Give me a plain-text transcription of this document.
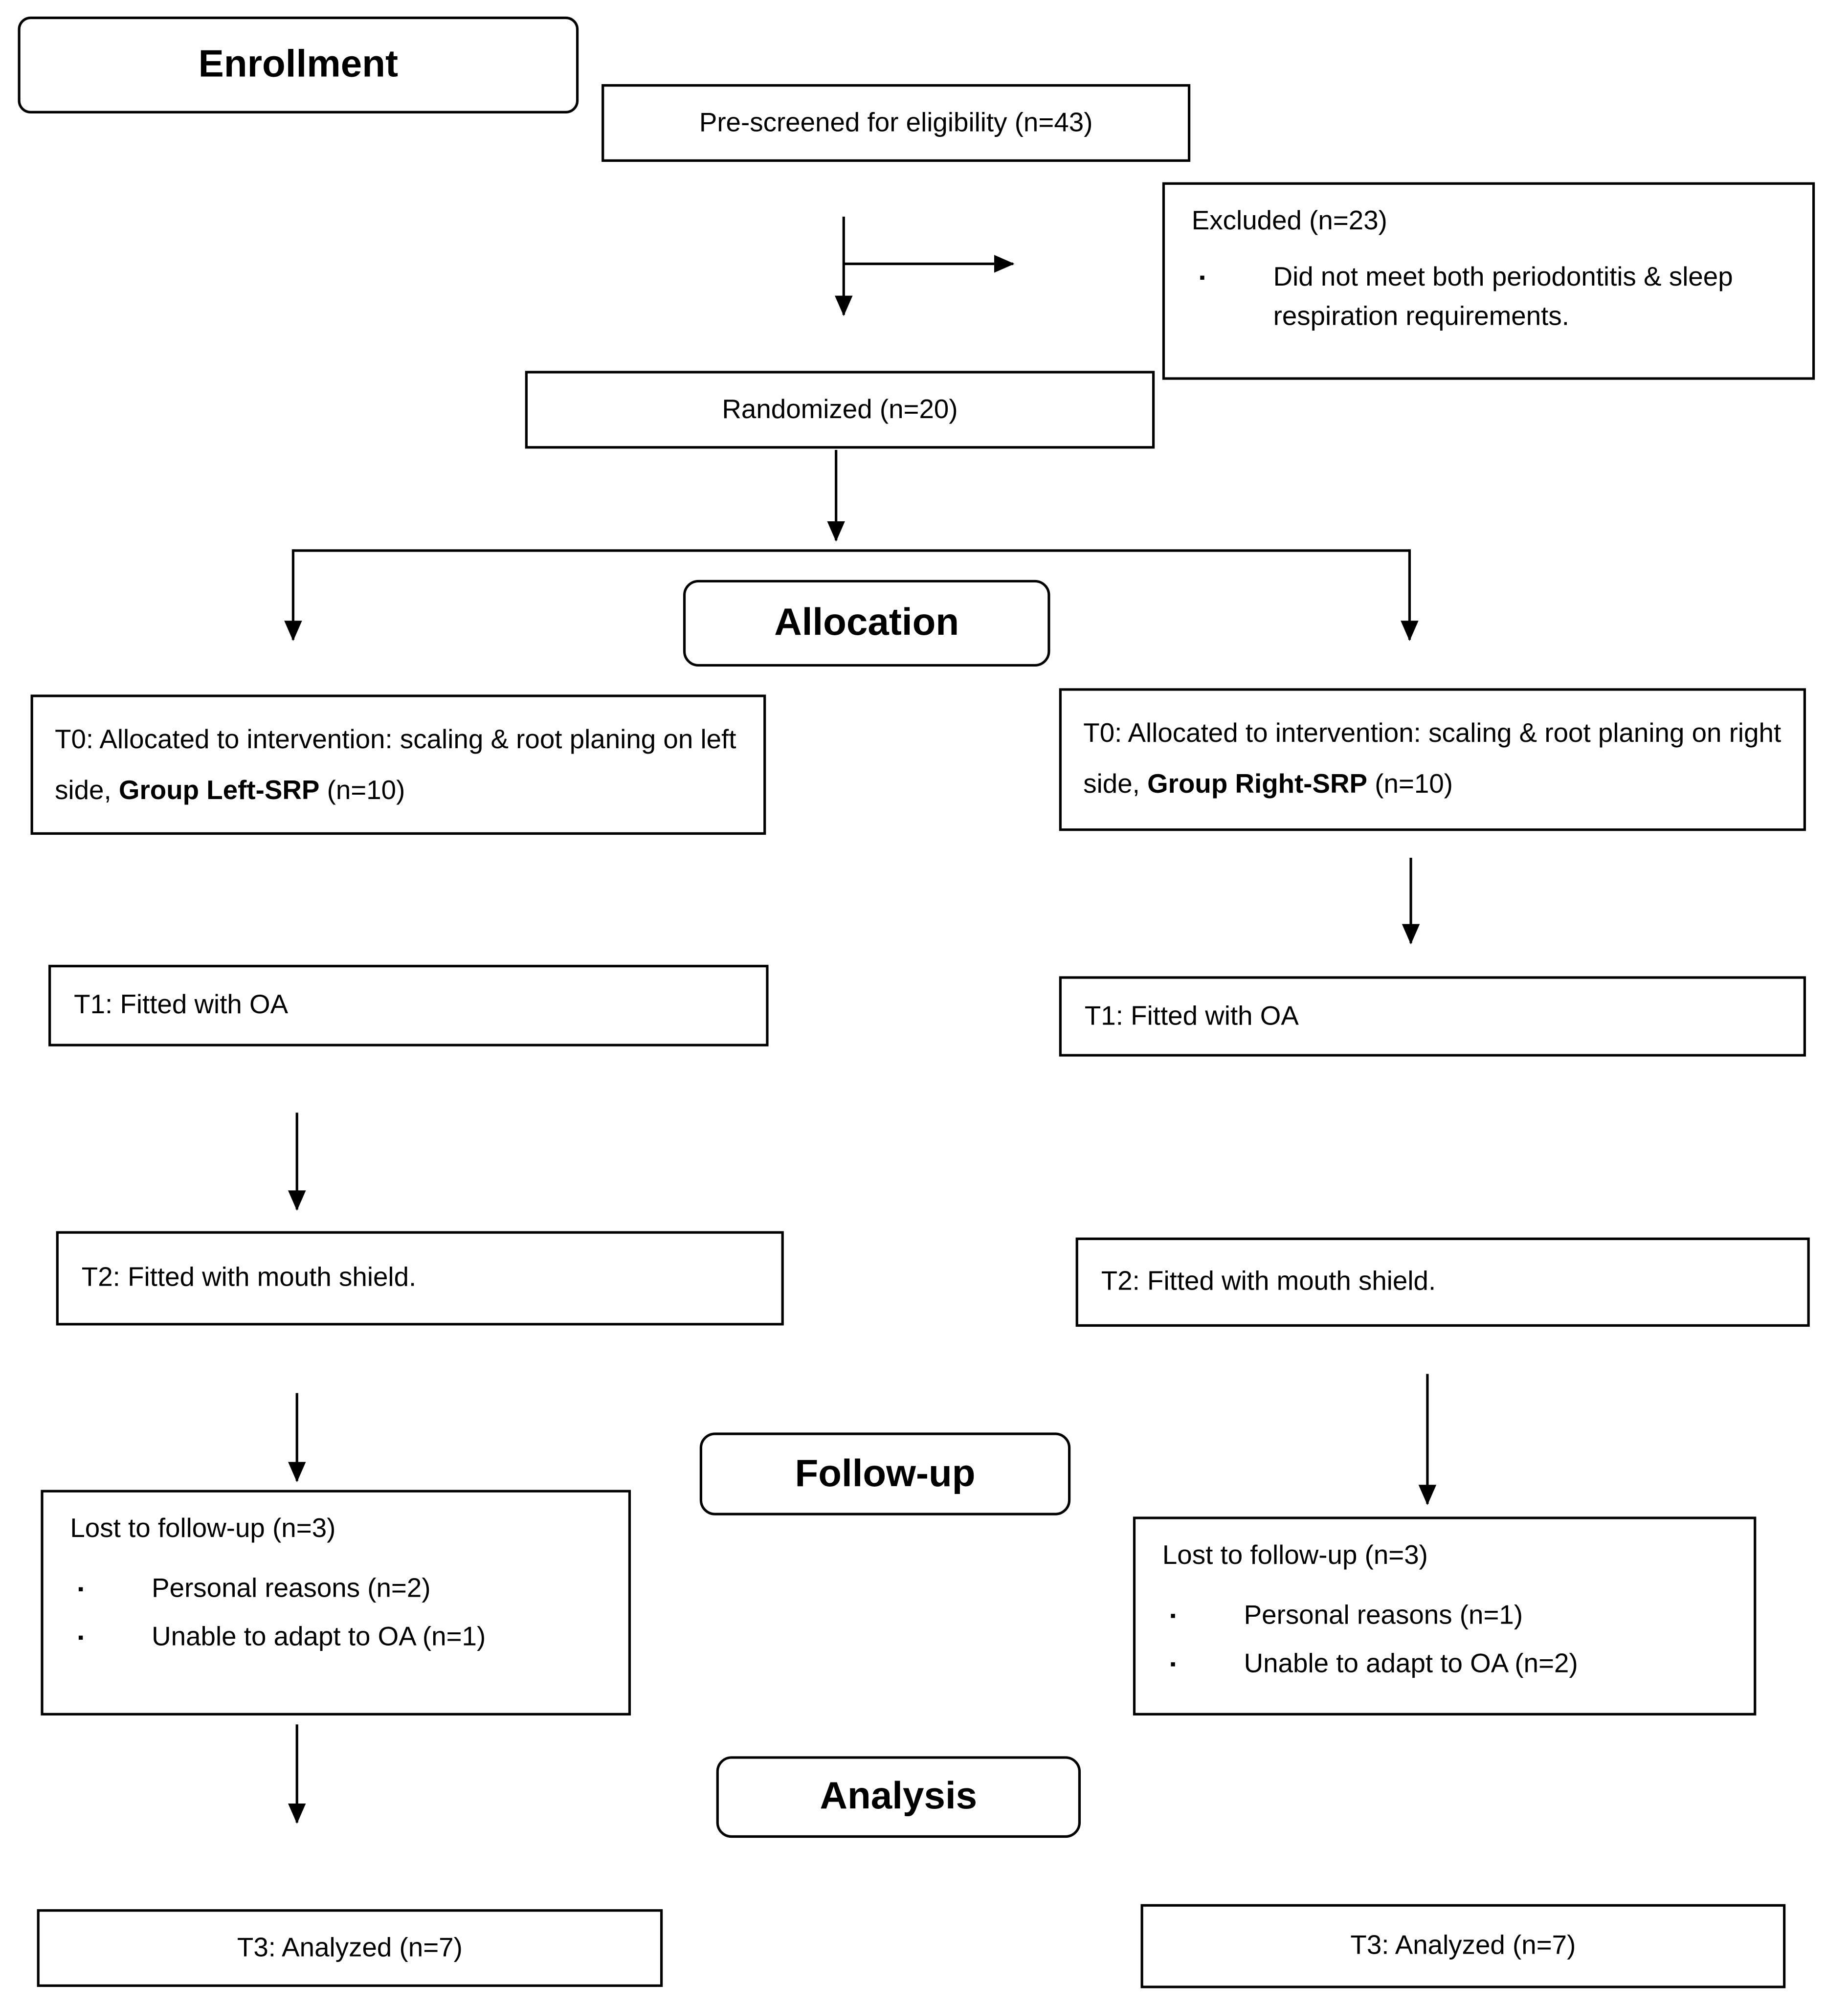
Enrollment
Allocation
Follow-up
Analysis
Pre-screened for eligibility (n=43)
Excluded (n=23)
▪	Did not meet both periodontitis & sleep respiration requirements.
Randomized (n=20)
T0: Allocated to intervention: scaling & root planing on left side, Group Left-SRP (n=10)
T1: Fitted with OA
T2: Fitted with mouth shield.
Lost to follow-up (n=3)
▪	Personal reasons (n=2)
▪	Unable to adapt to OA (n=1)
T3: Analyzed (n=7)
T0: Allocated to intervention: scaling & root planing on right side, Group Right-SRP (n=10)
T1: Fitted with OA
T2: Fitted with mouth shield.
Lost to follow-up (n=3)
▪	Personal reasons (n=1)
▪	Unable to adapt to OA (n=2)
T3: Analyzed (n=7)
